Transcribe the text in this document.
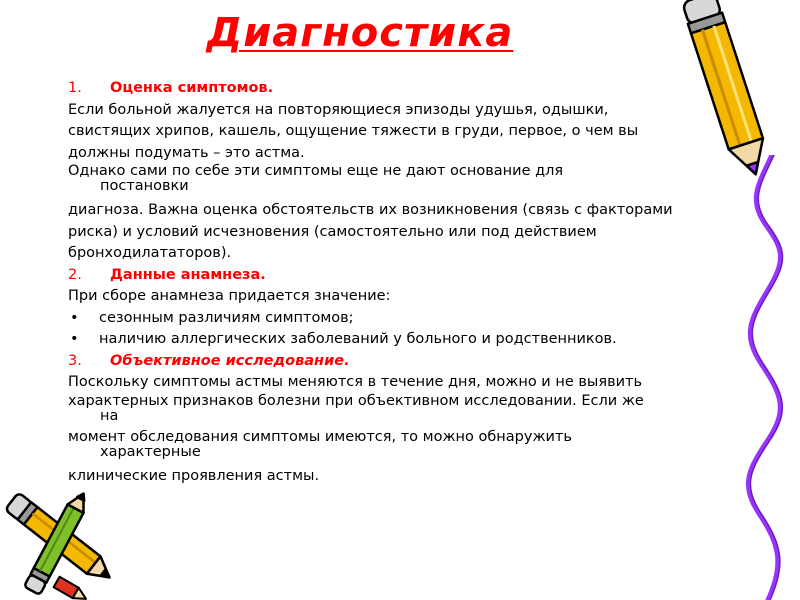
Диагностика
1. Оценка симптомов.
Если больной жалуется на повторяющиеся эпизоды удушья, одышки,
свистящих хрипов, кашель, ощущение тяжести в груди, первое, о чем вы
должны подумать – это астма.
Однако сами по себе эти симптомы еще не дают основание для
постановки
диагноза. Важна оценка обстоятельств их возникновения (связь с факторами
риска) и условий исчезновения (самостоятельно или под действием
бронходилататоров).
2. Данные анамнеза.
При сборе анамнеза придается значение:
•	сезонным различиям симптомов;
•	наличию аллергических заболеваний у больного и родственников.
3. Объективное исследование.
Поскольку симптомы астмы меняются в течение дня, можно и не выявить
характерных признаков болезни при объективном исследовании. Если же
на
момент обследования симптомы имеются, то можно обнаружить
характерные
клинические проявления астмы.
